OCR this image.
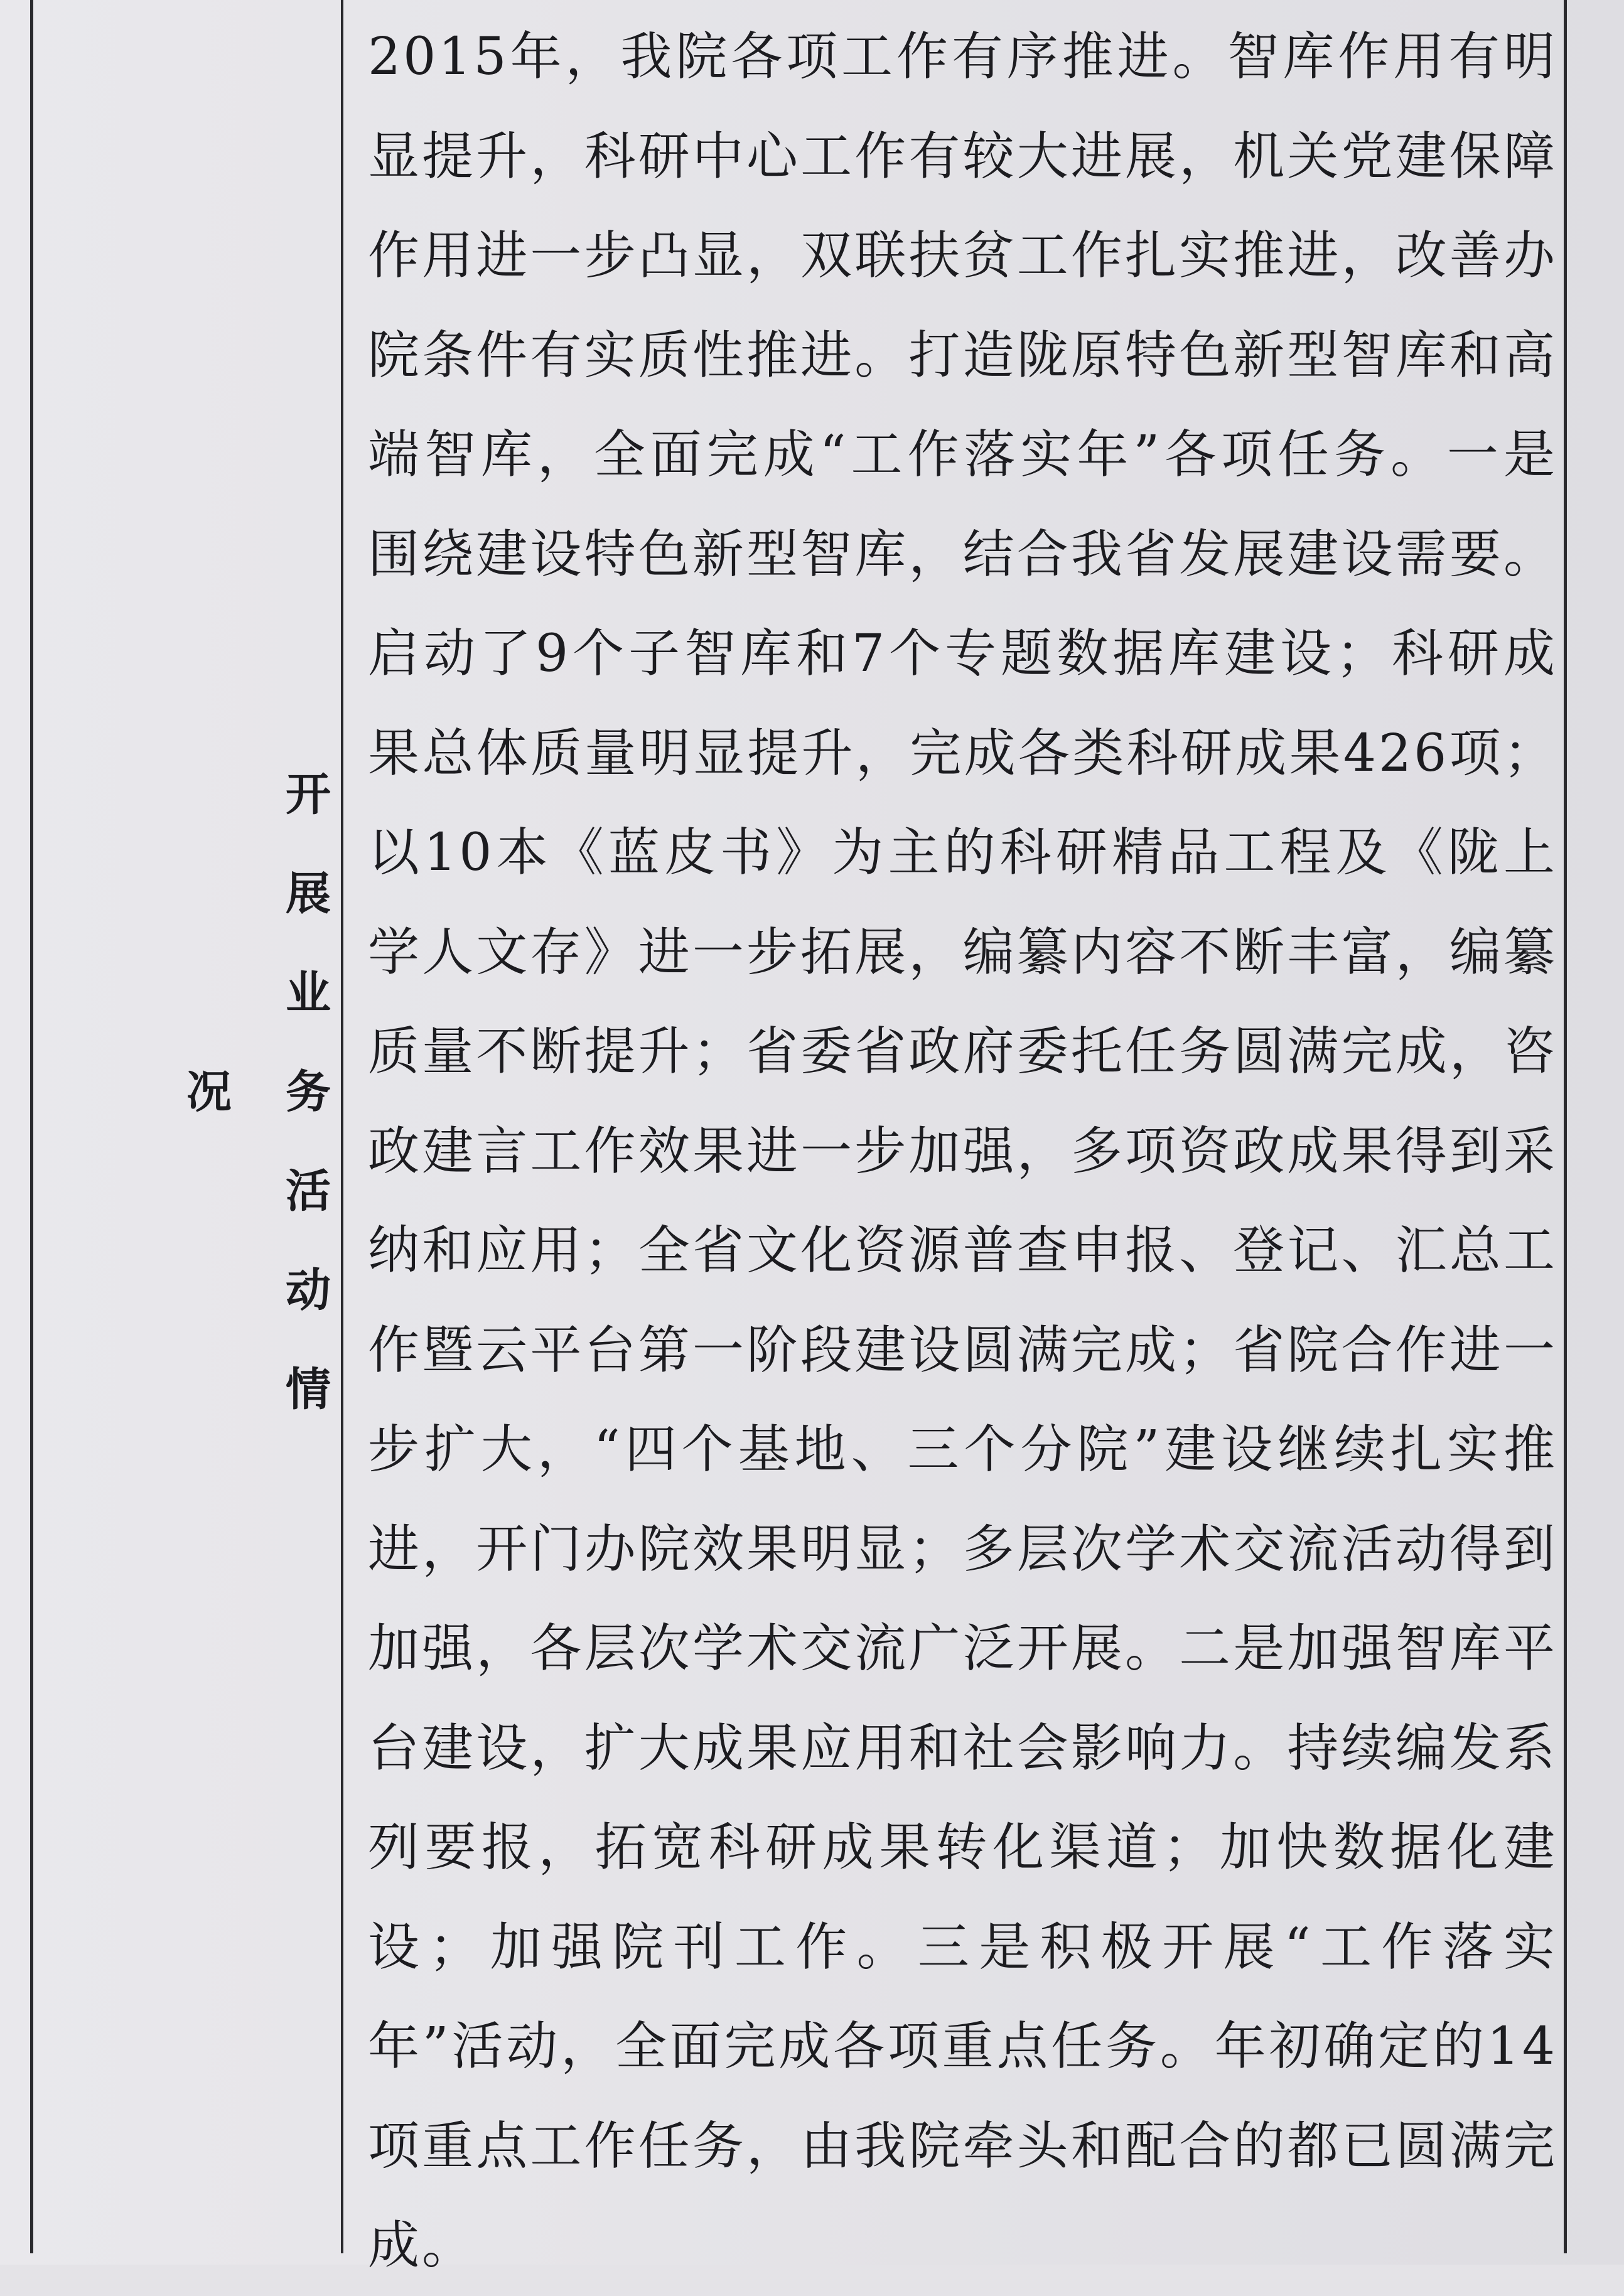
开展业务活动情况

2015年，我院各项工作有序推进。智库作用有明显提升，科研中心工作有较大进展，机关党建保障作用进一步凸显，双联扶贫工作扎实推进，改善办院条件有实质性推进。打造陇原特色新型智库和高端智库，全面完成“工作落实年”各项任务。一是围绕建设特色新型智库，结合我省发展建设需要。启动了9个子智库和7个专题数据库建设；科研成果总体质量明显提升，完成各类科研成果426项；以10本《蓝皮书》为主的科研精品工程及《陇上学人文存》进一步拓展，编纂内容不断丰富，编纂质量不断提升；省委省政府委托任务圆满完成，咨政建言工作效果进一步加强，多项资政成果得到采纳和应用；全省文化资源普查申报、登记、汇总工作暨云平台第一阶段建设圆满完成；省院合作进一步扩大，“四个基地、三个分院”建设继续扎实推进，开门办院效果明显；多层次学术交流活动得到加强，各层次学术交流广泛开展。二是加强智库平台建设，扩大成果应用和社会影响力。持续编发系列要报，拓宽科研成果转化渠道；加快数据化建设；加强院刊工作。三是积极开展“工作落实年”活动，全面完成各项重点任务。年初确定的14项重点工作任务，由我院牵头和配合的都已圆满完成。
